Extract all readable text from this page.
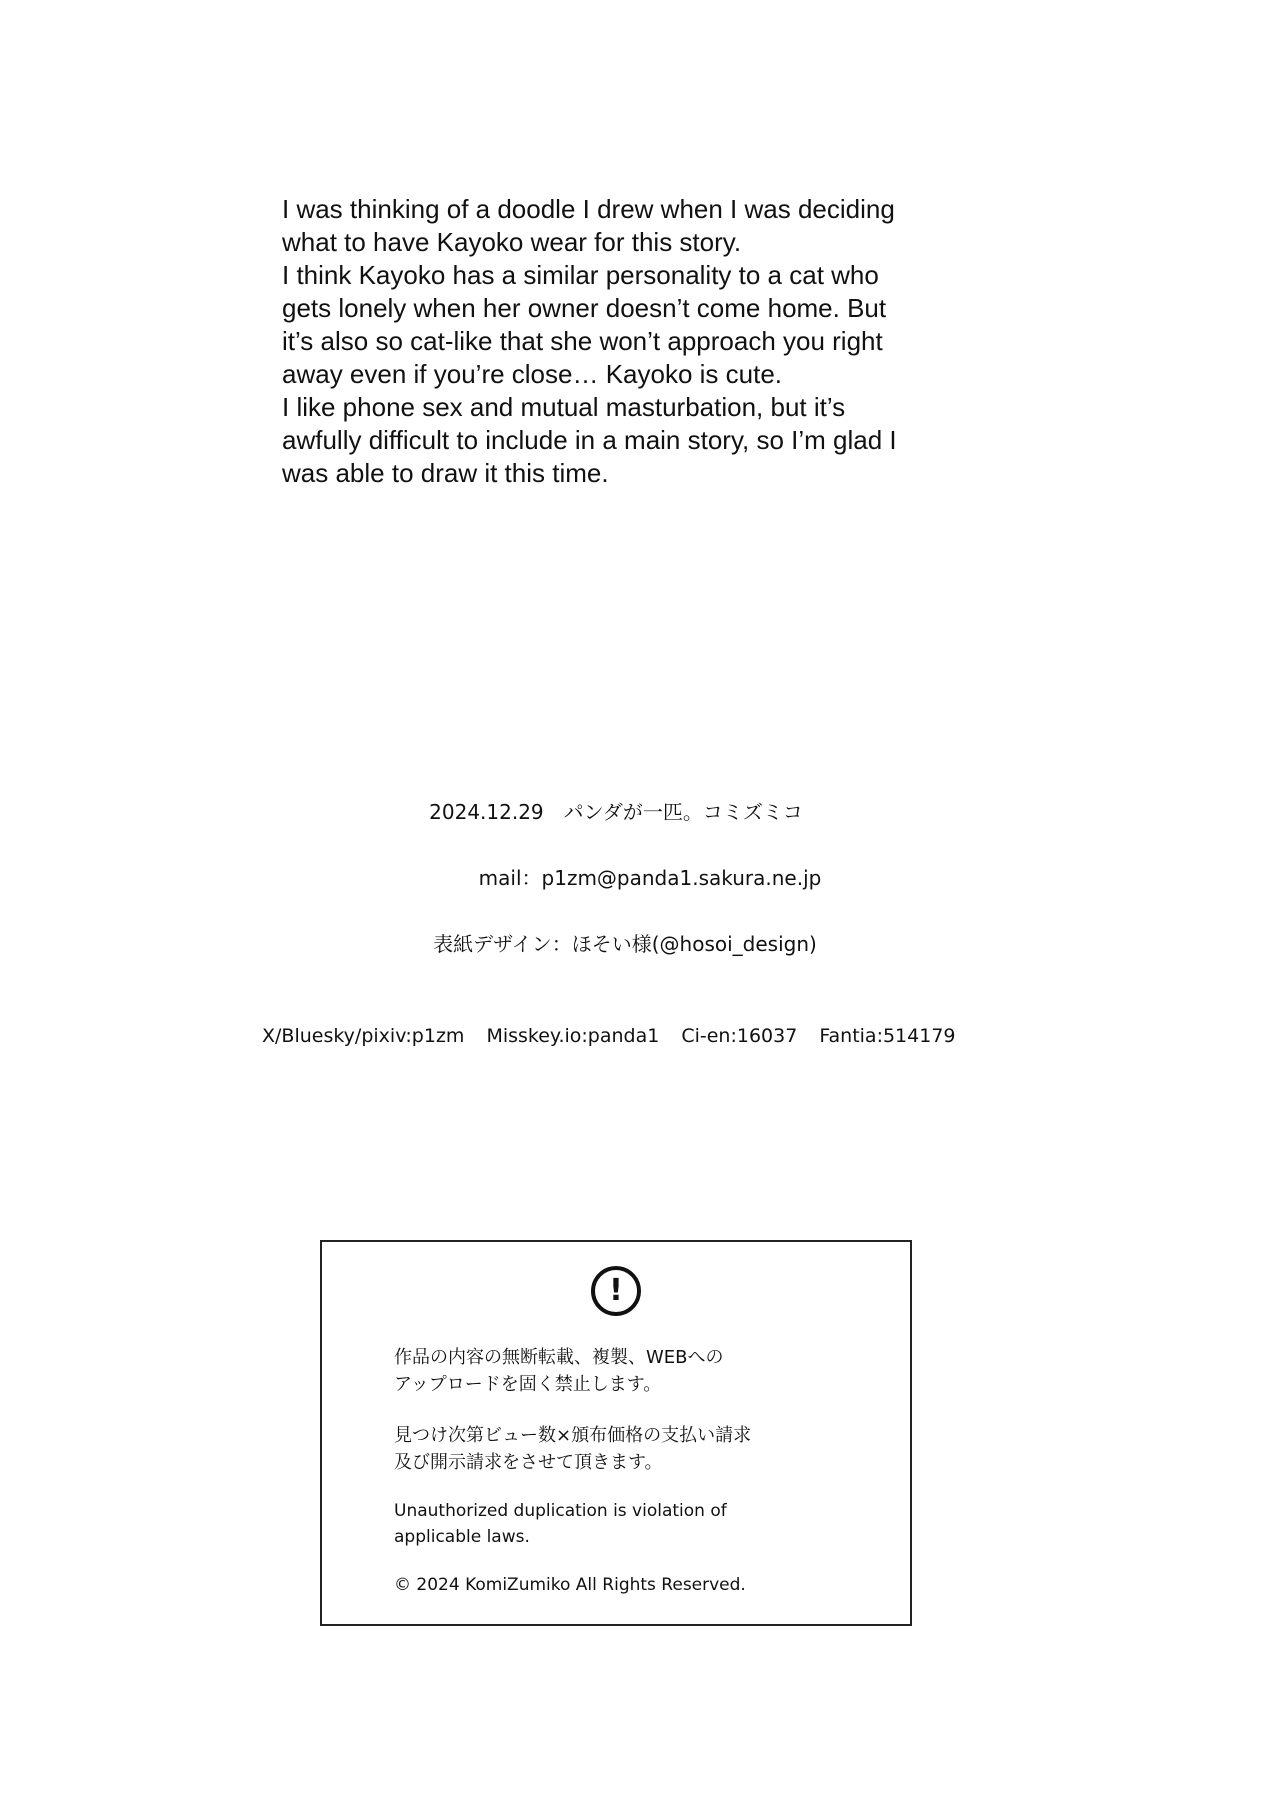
I was thinking of a doodle I drew when I was deciding
what to have Kayoko wear for this story.
I think Kayoko has a similar personality to a cat who
gets lonely when her owner doesn’t come home. But
it’s also so cat-like that she won’t approach you right
away even if you’re close… Kayoko is cute.
I like phone sex and mutual masturbation, but it’s
awfully difficult to include in a main story, so I’m glad I
was able to draw it this time.
2024.12.29　パンダが一匹。コミズミコ
mail：p1zm@panda1.sakura.ne.jp
表紙デザイン：ほそい様(@hosoi_design)
X/Bluesky/pixiv:p1zm Misskey.io:panda1 Ci-en:16037 Fantia:514179
!
作品の内容の無断転載、複製、WEBへの
アップロードを固く禁止します。
見つけ次第ビュー数×頒布価格の支払い請求
及び開示請求をさせて頂きます。
Unauthorized duplication is violation of
applicable laws.
© 2024 KomiZumiko All Rights Reserved.
